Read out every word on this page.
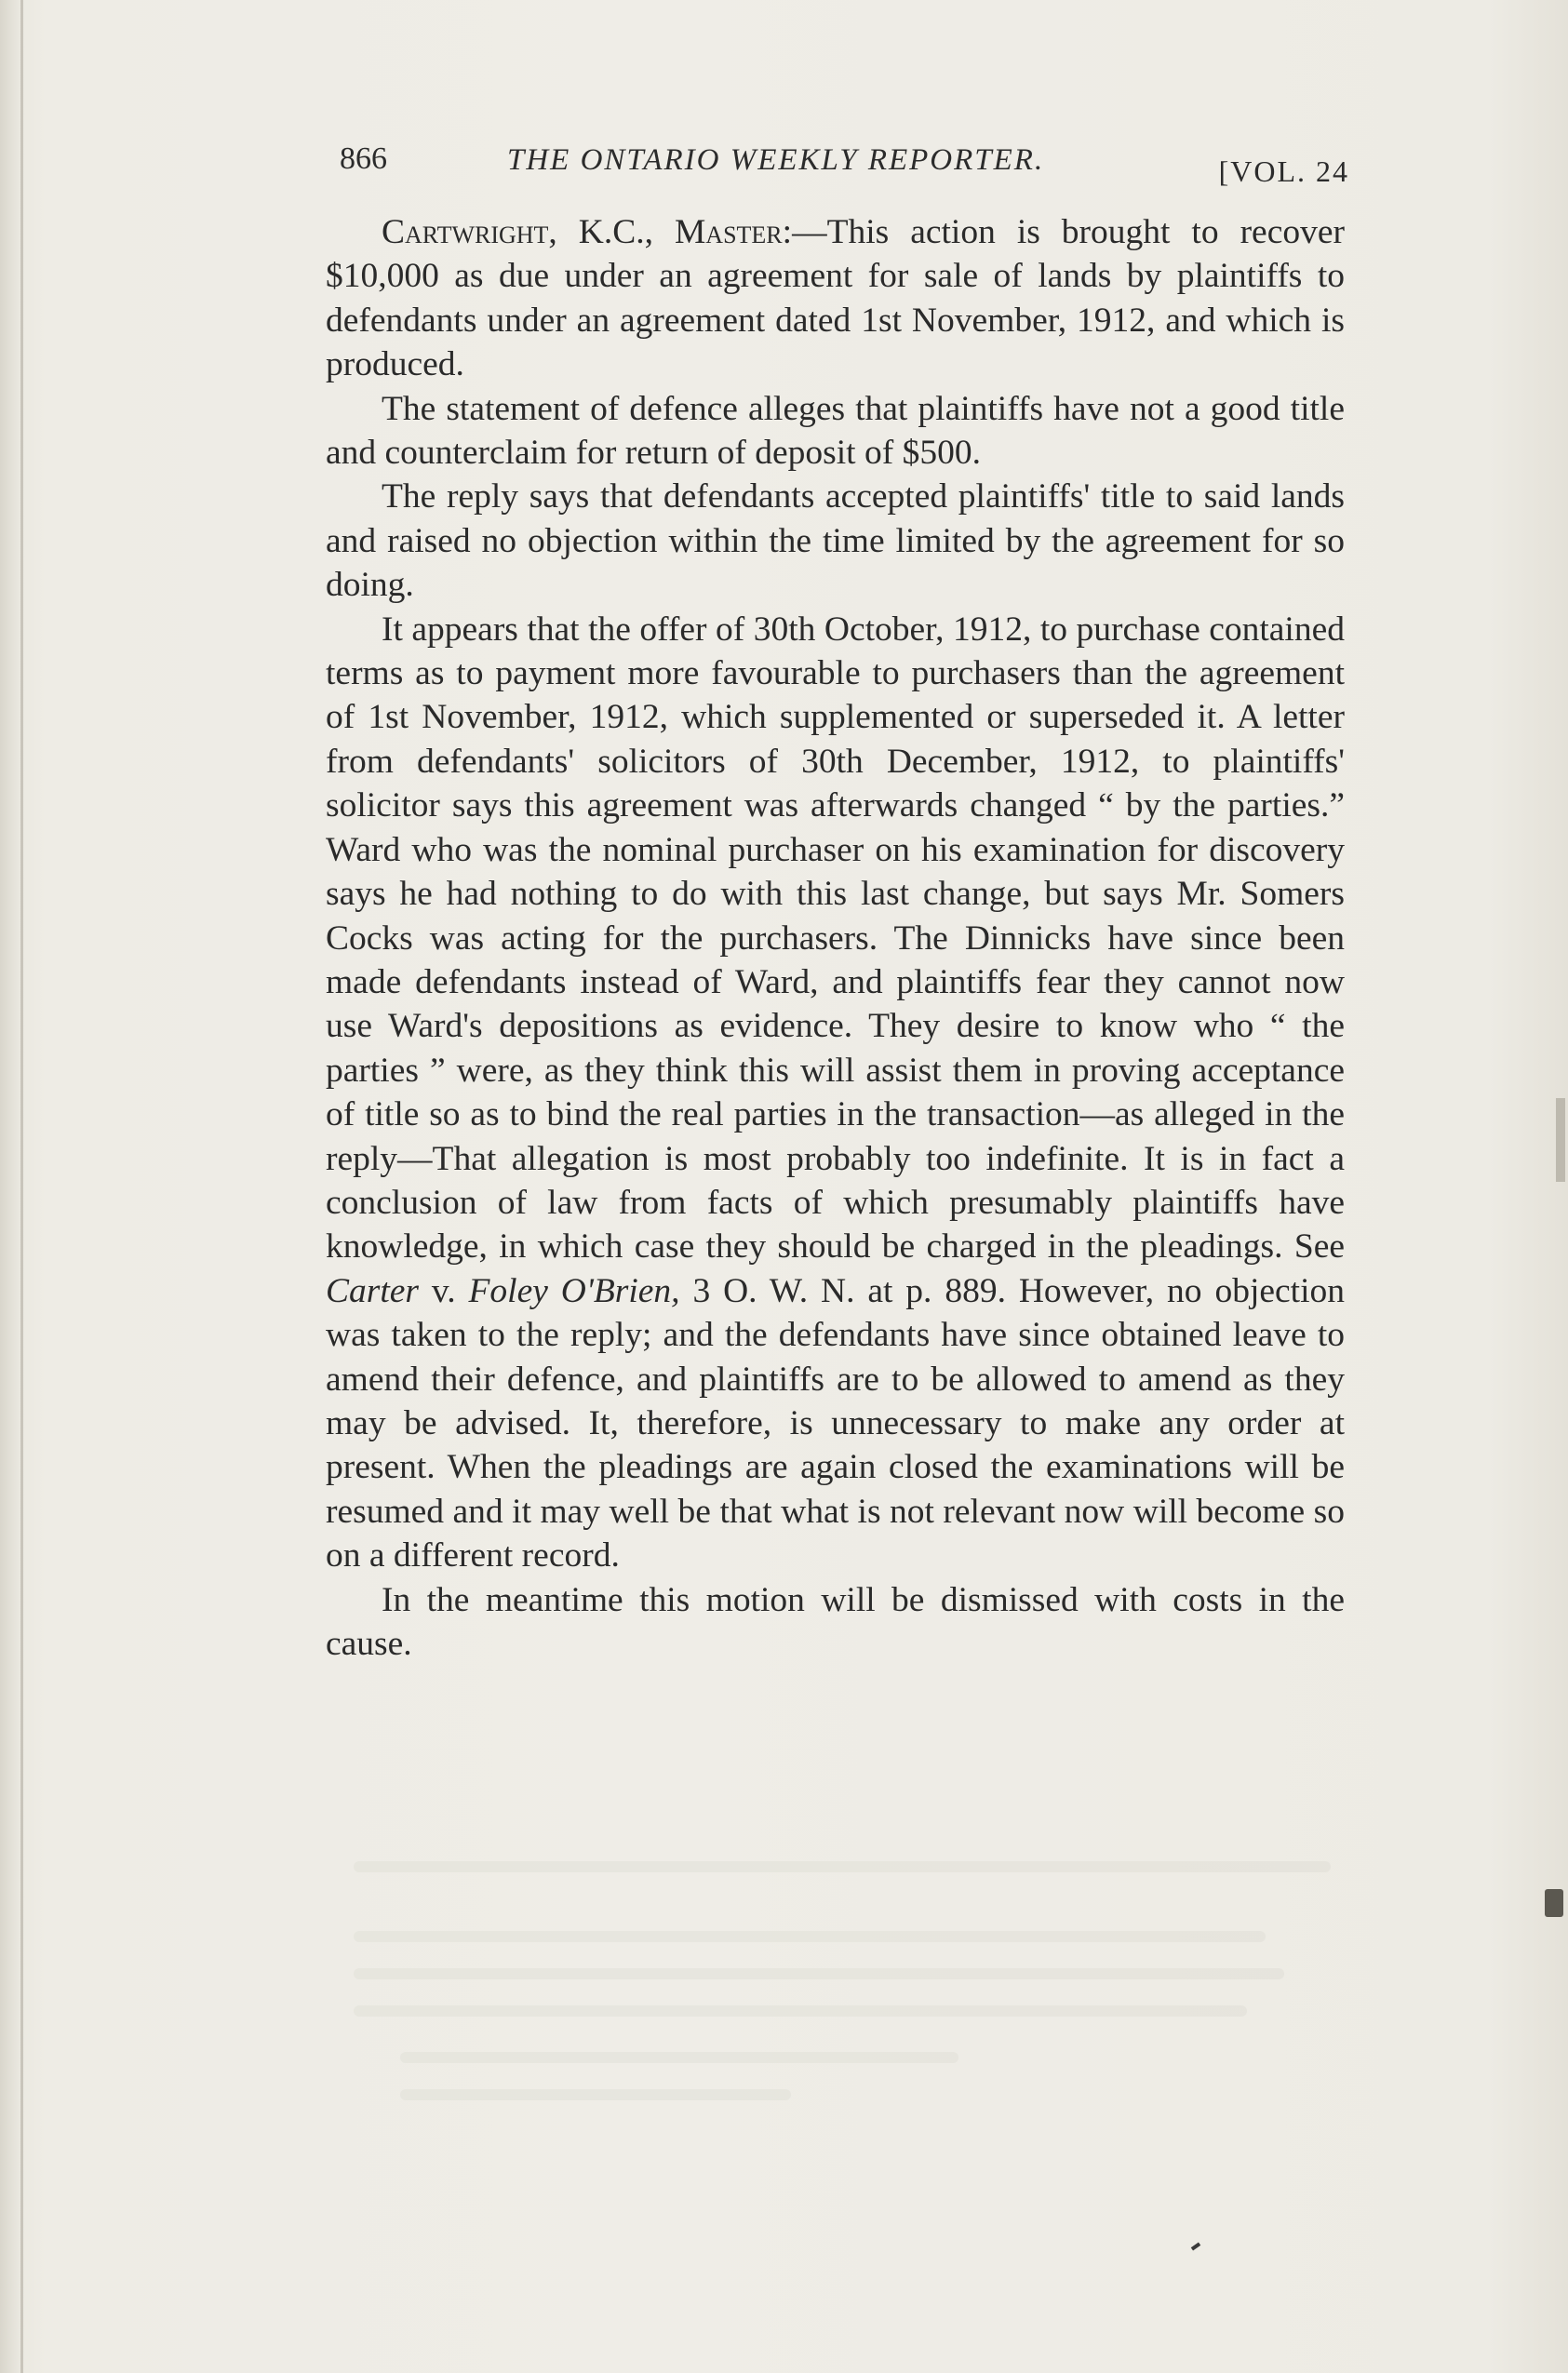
866	THE ONTARIO WEEKLY REPORTER.	[VOL. 24

Cartwright, K.C., Master:—This action is brought to recover $10,000 as due under an agreement for sale of lands by plaintiffs to defendants under an agreement dated 1st November, 1912, and which is produced.

The statement of defence alleges that plaintiffs have not a good title and counterclaim for return of deposit of $500.

The reply says that defendants accepted plaintiffs' title to said lands and raised no objection within the time limited by the agreement for so doing.

It appears that the offer of 30th October, 1912, to purchase contained terms as to payment more favourable to purchasers than the agreement of 1st November, 1912, which supplemented or superseded it. A letter from defendants' solicitors of 30th December, 1912, to plaintiffs' solicitor says this agreement was afterwards changed “ by the parties.” Ward who was the nominal purchaser on his examination for discovery says he had nothing to do with this last change, but says Mr. Somers Cocks was acting for the purchasers. The Dinnicks have since been made defendants instead of Ward, and plaintiffs fear they cannot now use Ward's depositions as evidence. They desire to know who “ the parties ” were, as they think this will assist them in proving acceptance of title so as to bind the real parties in the transaction—as alleged in the reply—That allegation is most probably too indefinite. It is in fact a conclusion of law from facts of which presumably plaintiffs have knowledge, in which case they should be charged in the pleadings. See Carter v. Foley O'Brien, 3 O. W. N. at p. 889. However, no objection was taken to the reply; and the defendants have since obtained leave to amend their defence, and plaintiffs are to be allowed to amend as they may be advised. It, therefore, is unnecessary to make any order at present. When the pleadings are again closed the examinations will be resumed and it may well be that what is not relevant now will become so on a different record.

In the meantime this motion will be dismissed with costs in the cause.
